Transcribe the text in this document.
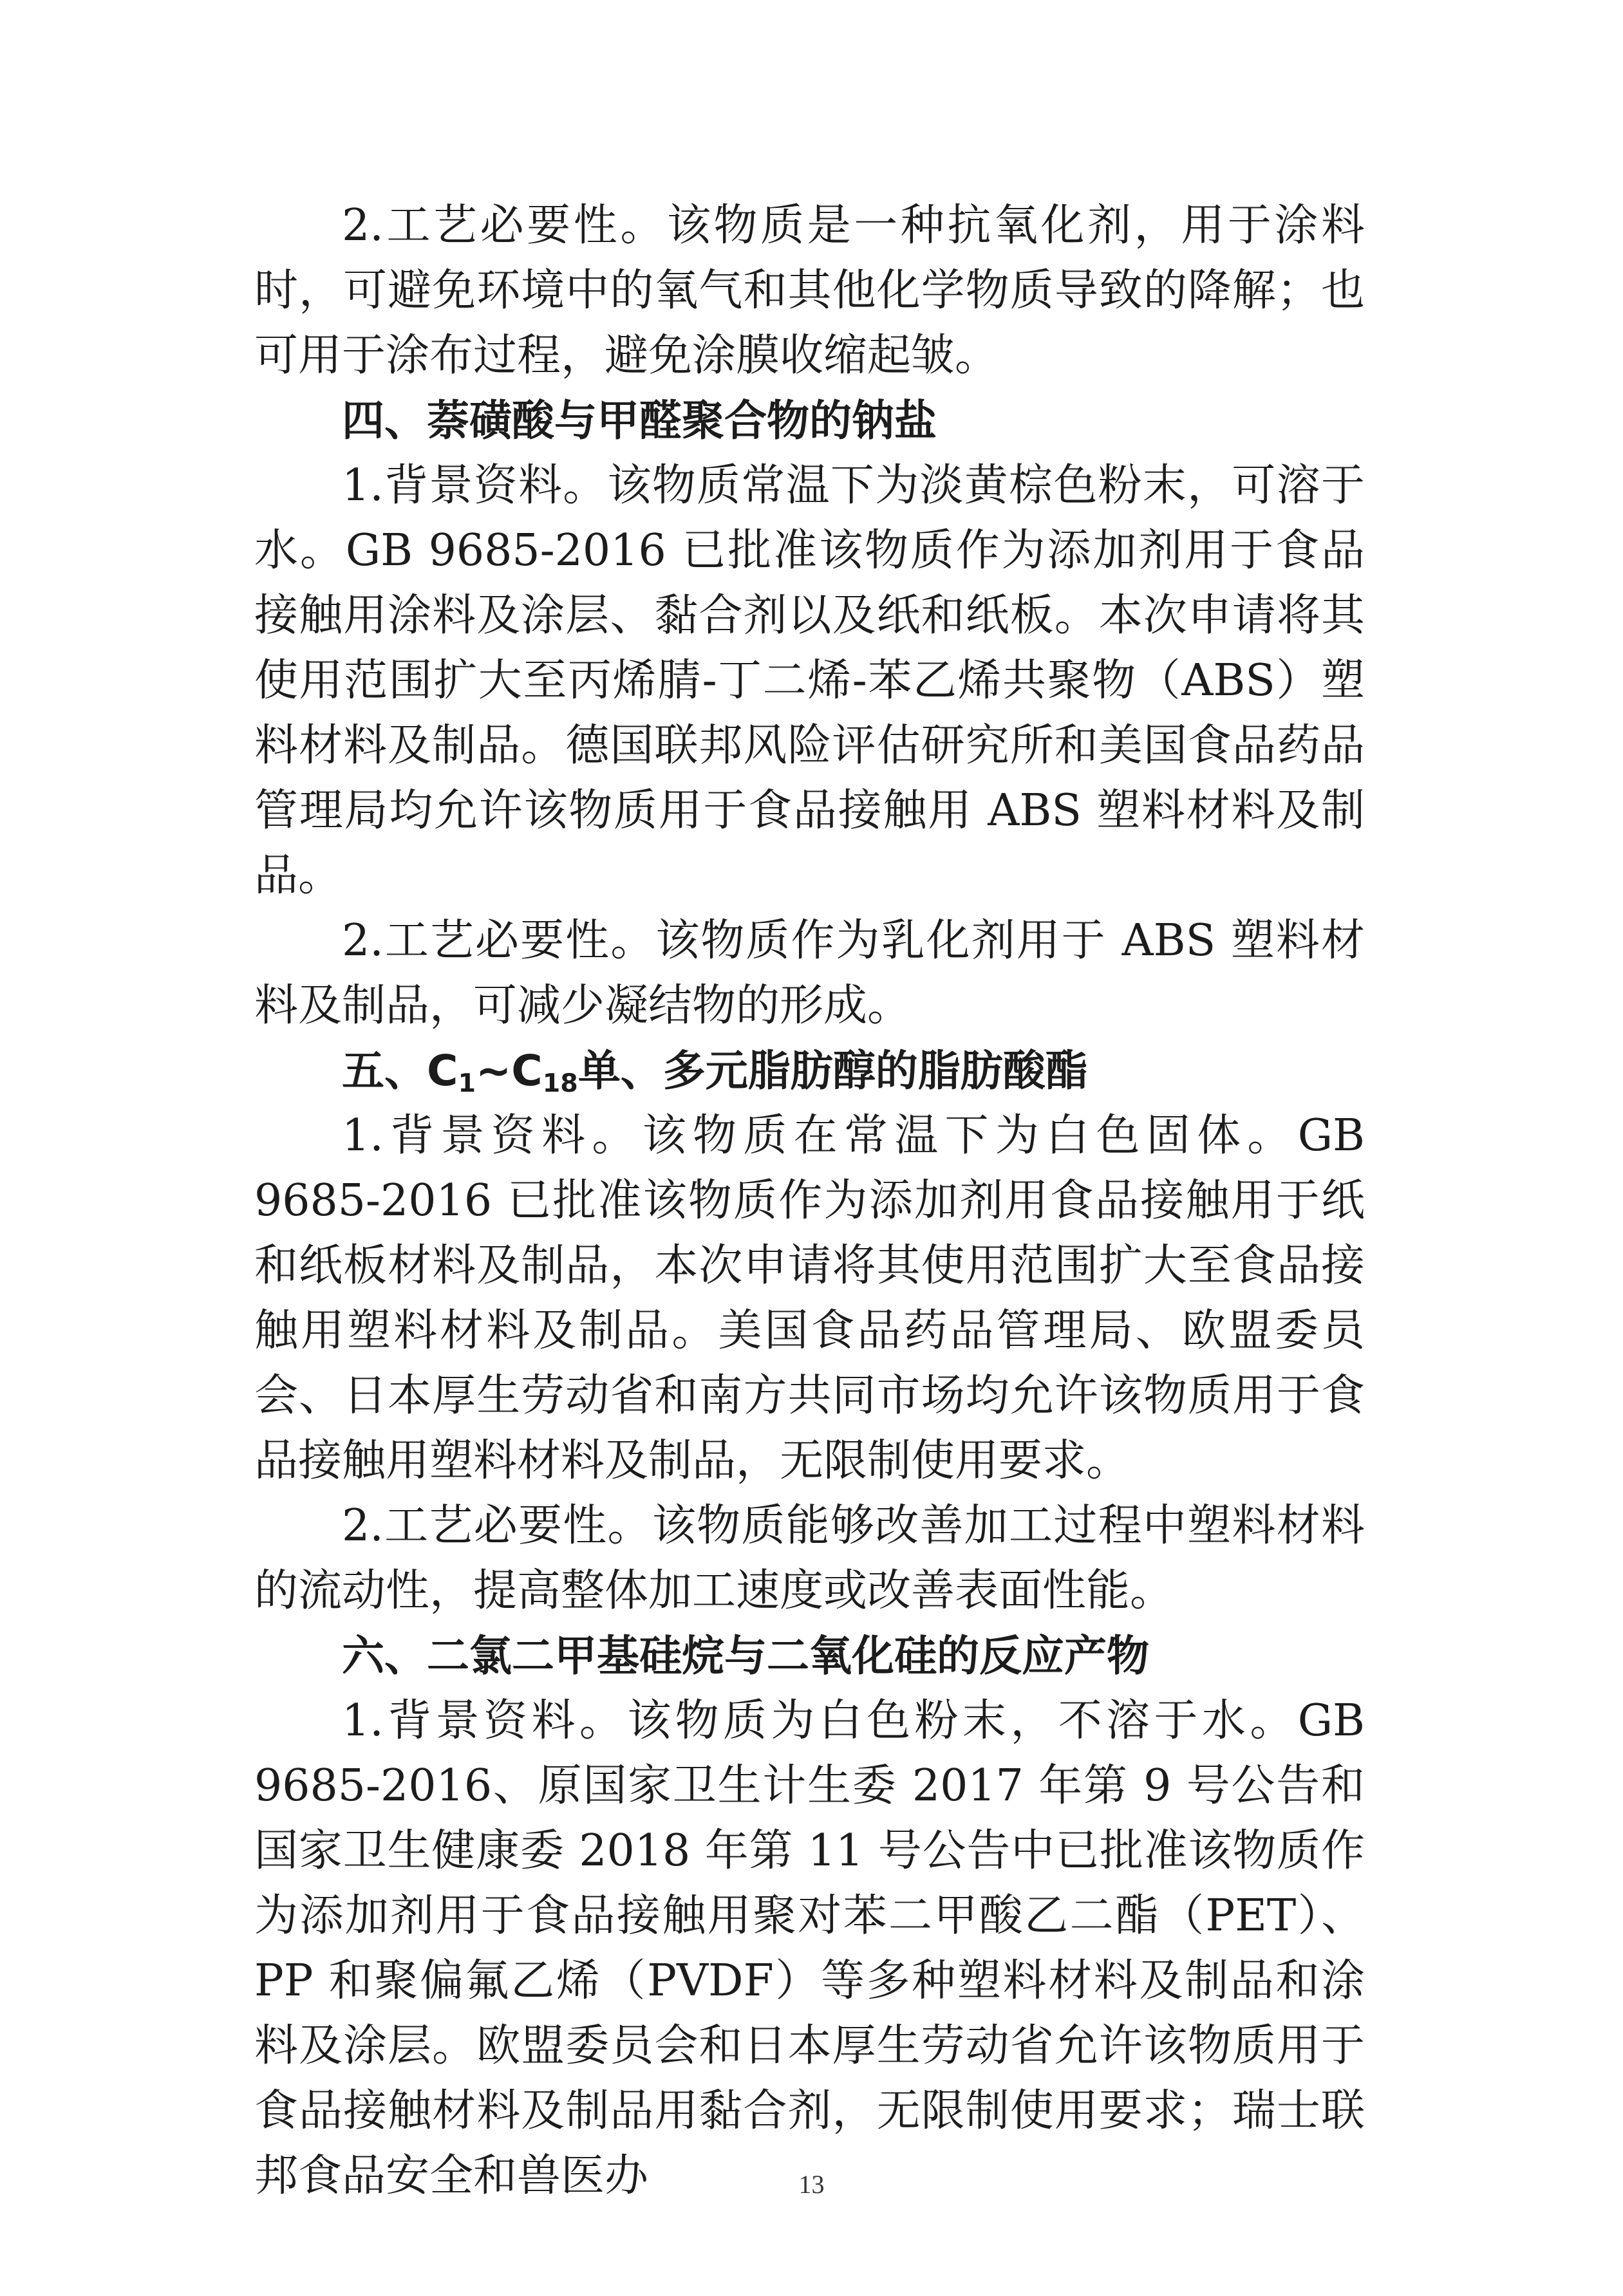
2.工艺必要性。该物质是一种抗氧化剂，用于涂料时，可避免环境中的氧气和其他化学物质导致的降解；也可用于涂布过程，避免涂膜收缩起皱。

四、萘磺酸与甲醛聚合物的钠盐

1.背景资料。该物质常温下为淡黄棕色粉末，可溶于水。GB 9685-2016 已批准该物质作为添加剂用于食品接触用涂料及涂层、黏合剂以及纸和纸板。本次申请将其使用范围扩大至丙烯腈-丁二烯-苯乙烯共聚物（ABS）塑料材料及制品。德国联邦风险评估研究所和美国食品药品管理局均允许该物质用于食品接触用 ABS 塑料材料及制品。

2.工艺必要性。该物质作为乳化剂用于 ABS 塑料材料及制品，可减少凝结物的形成。

五、$C_1\sim C_{18}$单、多元脂肪醇的脂肪酸酯

1.背景资料。该物质在常温下为白色固体。GB 9685-2016 已批准该物质作为添加剂用食品接触用于纸和纸板材料及制品，本次申请将其使用范围扩大至食品接触用塑料材料及制品。美国食品药品管理局、欧盟委员会、日本厚生劳动省和南方共同市场均允许该物质用于食品接触用塑料材料及制品，无限制使用要求。

2.工艺必要性。该物质能够改善加工过程中塑料材料的流动性，提高整体加工速度或改善表面性能。

六、二氯二甲基硅烷与二氧化硅的反应产物

1.背景资料。该物质为白色粉末，不溶于水。GB 9685-2016、原国家卫生计生委 2017 年第 9 号公告和国家卫生健康委 2018 年第 11 号公告中已批准该物质作为添加剂用于食品接触用聚对苯二甲酸乙二酯（PET）、PP 和聚偏氟乙烯（PVDF）等多种塑料材料及制品和涂料及涂层。欧盟委员会和日本厚生劳动省允许该物质用于食品接触材料及制品用黏合剂，无限制使用要求；瑞士联邦食品安全和兽医办	13
